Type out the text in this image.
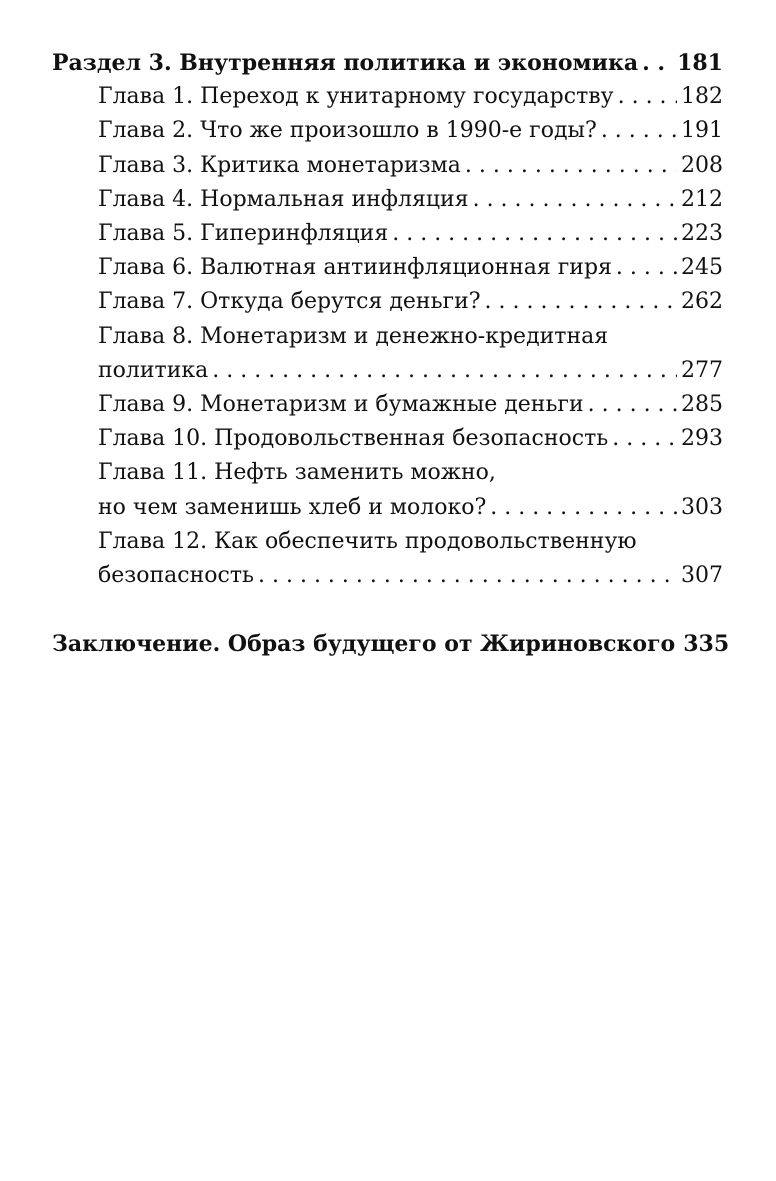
Раздел 3. Внутренняя политика и экономика . . . 181
Глава 1. Переход к унитарному государству . . .	182
Глава 2. Что же произошло в 1990-е годы? . . .	191
Глава 3. Критика монетаризма . . .	208
Глава 4. Нормальная инфляция . . .	212
Глава 5. Гиперинфляция . . .	223
Глава 6. Валютная антиинфляционная гиря . . .	245
Глава 7. Откуда берутся деньги? . . .	262
Глава 8. Монетаризм и денежно-кредитная
политика . . .	277
Глава 9. Монетаризм и бумажные деньги . . .	285
Глава 10. Продовольственная безопасность . . .	293
Глава 11. Нефть заменить можно,
но чем заменишь хлеб и молоко? . . .	303
Глава 12. Как обеспечить продовольственную
безопасность . . .	307
Заключение. Образ будущего от Жириновского 335
